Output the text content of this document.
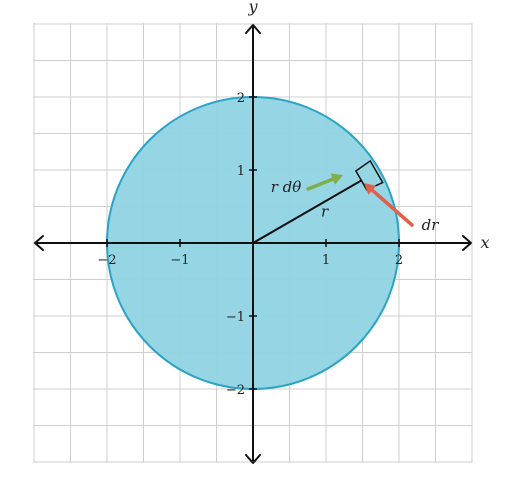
−2	−1	1	2
2
1
−1
−2
x
y
r
r dθ
dr
